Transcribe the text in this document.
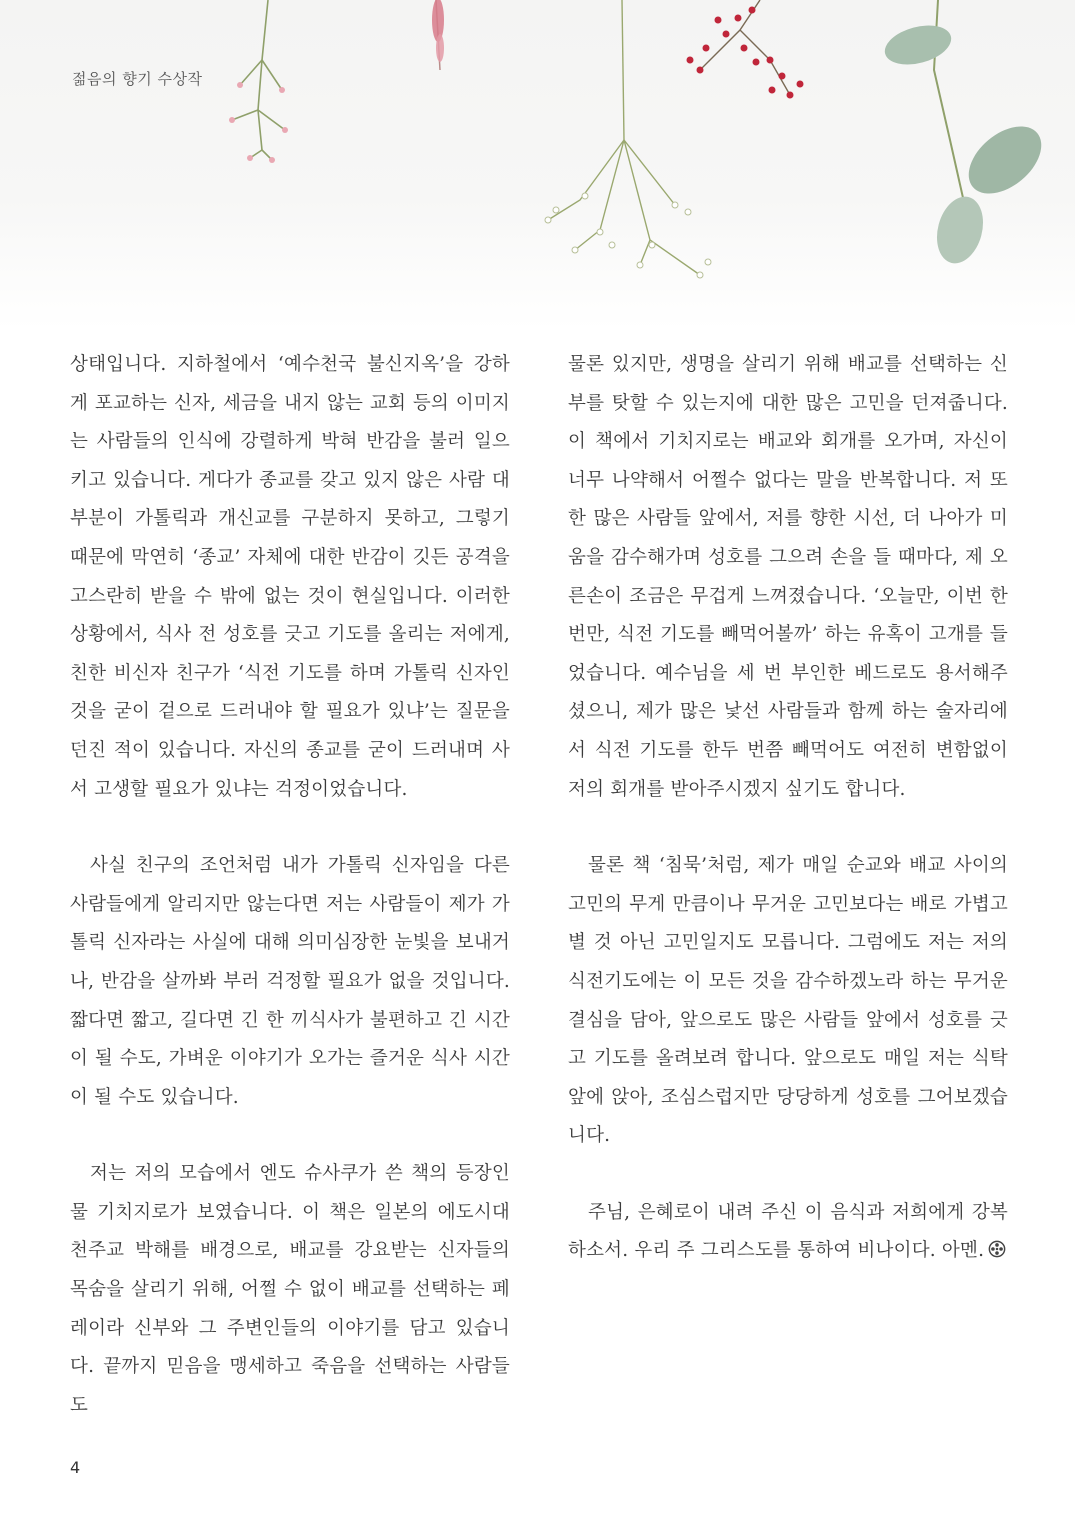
젊음의 향기 수상작

상태입니다. 지하철에서 ‘예수천국 불신지옥’을 강하게 포교하는 신자, 세금을 내지 않는 교회 등의 이미지는 사람들의 인식에 강렬하게 박혀 반감을 불러 일으키고 있습니다. 게다가 종교를 갖고 있지 않은 사람 대부분이 가톨릭과 개신교를 구분하지 못하고, 그렇기 때문에 막연히 ‘종교’ 자체에 대한 반감이 깃든 공격을 고스란히 받을 수 밖에 없는 것이 현실입니다. 이러한 상황에서, 식사 전 성호를 긋고 기도를 올리는 저에게, 친한 비신자 친구가 ‘식전 기도를 하며 가톨릭 신자인 것을 굳이 겉으로 드러내야 할 필요가 있냐’는 질문을 던진 적이 있습니다. 자신의 종교를 굳이 드러내며 사서 고생할 필요가 있냐는 걱정이었습니다.

사실 친구의 조언처럼 내가 가톨릭 신자임을 다른 사람들에게 알리지만 않는다면 저는 사람들이 제가 가톨릭 신자라는 사실에 대해 의미심장한 눈빛을 보내거나, 반감을 살까봐 부러 걱정할 필요가 없을 것입니다. 짧다면 짧고, 길다면 긴 한 끼식사가 불편하고 긴 시간이 될 수도, 가벼운 이야기가 오가는 즐거운 식사 시간이 될 수도 있습니다.

저는 저의 모습에서 엔도 슈사쿠가 쓴 책의 등장인물 기치지로가 보였습니다. 이 책은 일본의 에도시대 천주교 박해를 배경으로, 배교를 강요받는 신자들의 목숨을 살리기 위해, 어쩔 수 없이 배교를 선택하는 페레이라 신부와 그 주변인들의 이야기를 담고 있습니다. 끝까지 믿음을 맹세하고 죽음을 선택하는 사람들도

물론 있지만, 생명을 살리기 위해 배교를 선택하는 신부를 탓할 수 있는지에 대한 많은 고민을 던져줍니다. 이 책에서 기치지로는 배교와 회개를 오가며, 자신이 너무 나약해서 어쩔수 없다는 말을 반복합니다. 저 또한 많은 사람들 앞에서, 저를 향한 시선, 더 나아가 미움을 감수해가며 성호를 그으려 손을 들 때마다, 제 오른손이 조금은 무겁게 느껴졌습니다. ‘오늘만, 이번 한 번만, 식전 기도를 빼먹어볼까’ 하는 유혹이 고개를 들었습니다. 예수님을 세 번 부인한 베드로도 용서해주셨으니, 제가 많은 낯선 사람들과 함께 하는 술자리에서 식전 기도를 한두 번쯤 빼먹어도 여전히 변함없이 저의 회개를 받아주시겠지 싶기도 합니다.

물론 책 ‘침묵’처럼, 제가 매일 순교와 배교 사이의 고민의 무게 만큼이나 무거운 고민보다는 배로 가볍고 별 것 아닌 고민일지도 모릅니다. 그럼에도 저는 저의 식전기도에는 이 모든 것을 감수하겠노라 하는 무거운 결심을 담아, 앞으로도 많은 사람들 앞에서 성호를 긋고 기도를 올려보려 합니다. 앞으로도 매일 저는 식탁 앞에 앉아, 조심스럽지만 당당하게 성호를 그어보겠습니다.

주님, 은혜로이 내려 주신 이 음식과 저희에게 강복하소서. 우리 주 그리스도를 통하여 비나이다. 아멘.

4
